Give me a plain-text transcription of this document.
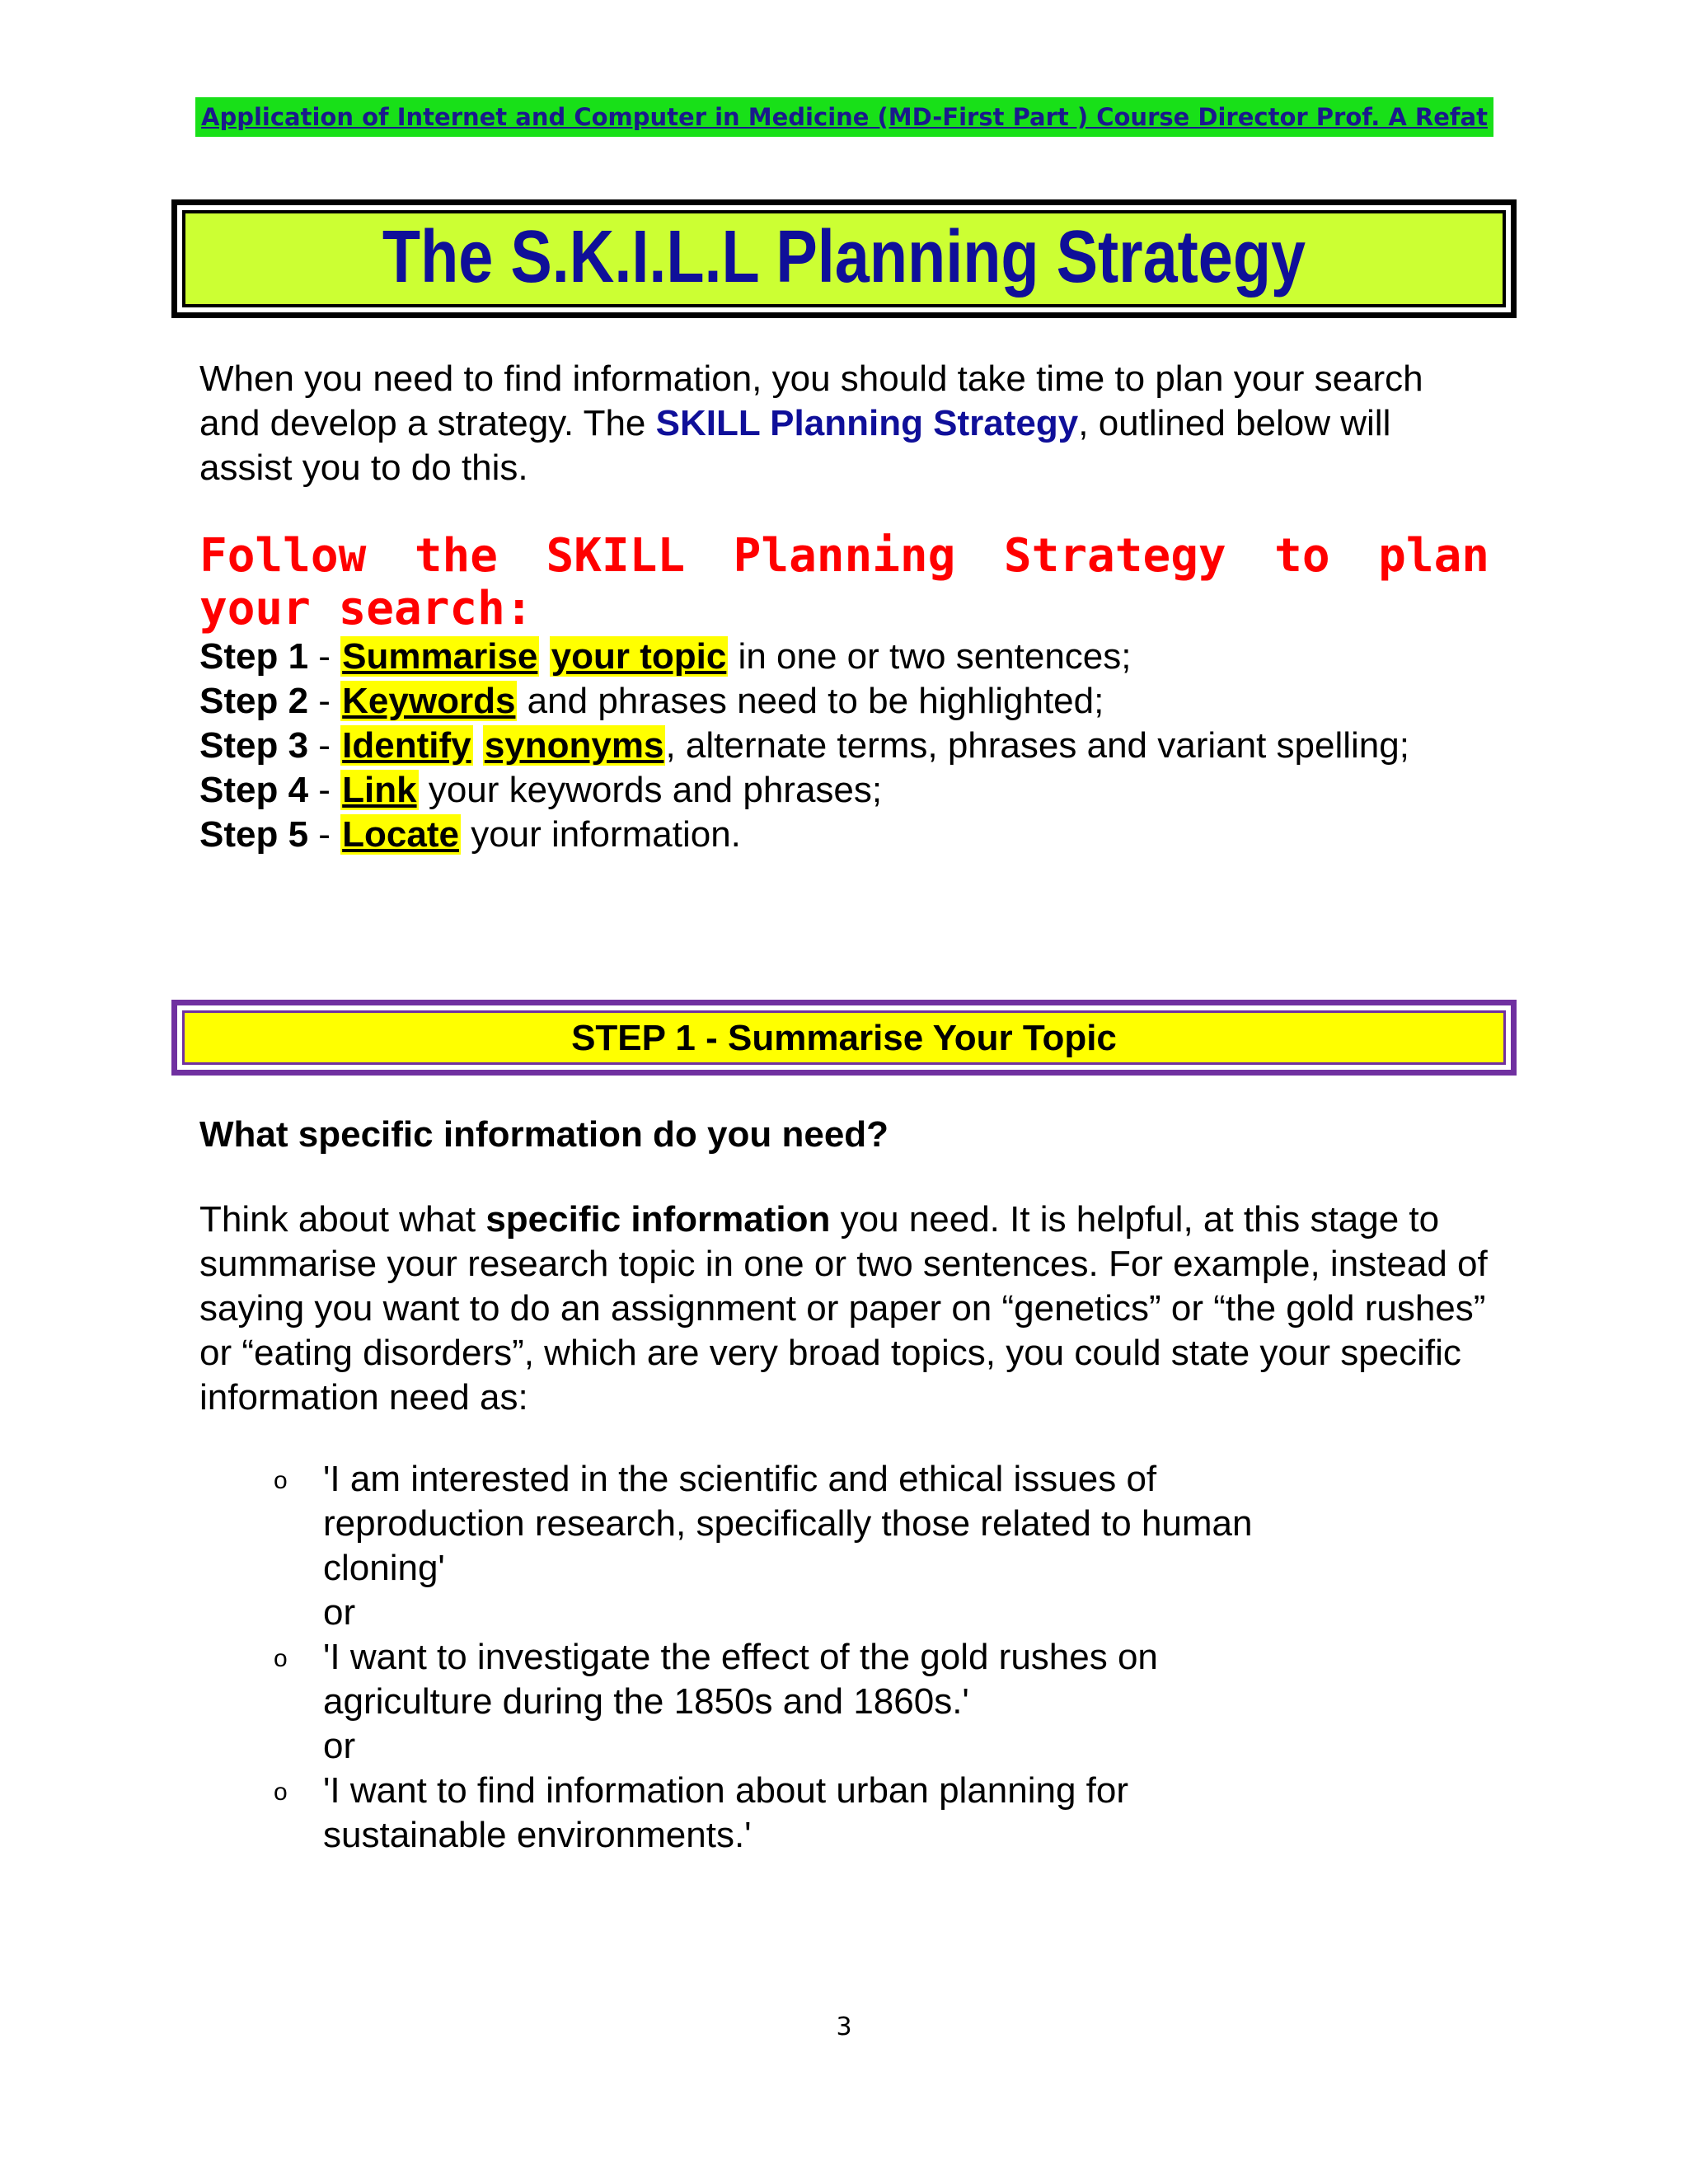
Application of Internet and Computer in Medicine (MD-First Part ) Course Director Prof. A Refat
The S.K.I.L.L Planning Strategy
When you need to find information, you should take time to plan your search and develop a strategy. The SKILL Planning Strategy, outlined below will assist you to do this.
Follow the SKILL Planning Strategy to plan your search:
Step 1 - Summarise your topic in one or two sentences;
Step 2 - Keywords and phrases need to be highlighted;
Step 3 - Identify synonyms, alternate terms, phrases and variant spelling;
Step 4 - Link your keywords and phrases;
Step 5 - Locate your information.
STEP 1 - Summarise Your Topic
What specific information do you need?
Think about what specific information you need. It is helpful, at this stage to summarise your research topic in one or two sentences. For example, instead of saying you want to do an assignment or paper on “genetics” or “the gold rushes” or “eating disorders”, which are very broad topics, you could state your specific information need as:
o 'I am interested in the scientific and ethical issues of reproduction research, specifically those related to human cloning'
or
o 'I want to investigate the effect of the gold rushes on agriculture during the 1850s and 1860s.'
or
o 'I want to find information about urban planning for sustainable environments.'
3
